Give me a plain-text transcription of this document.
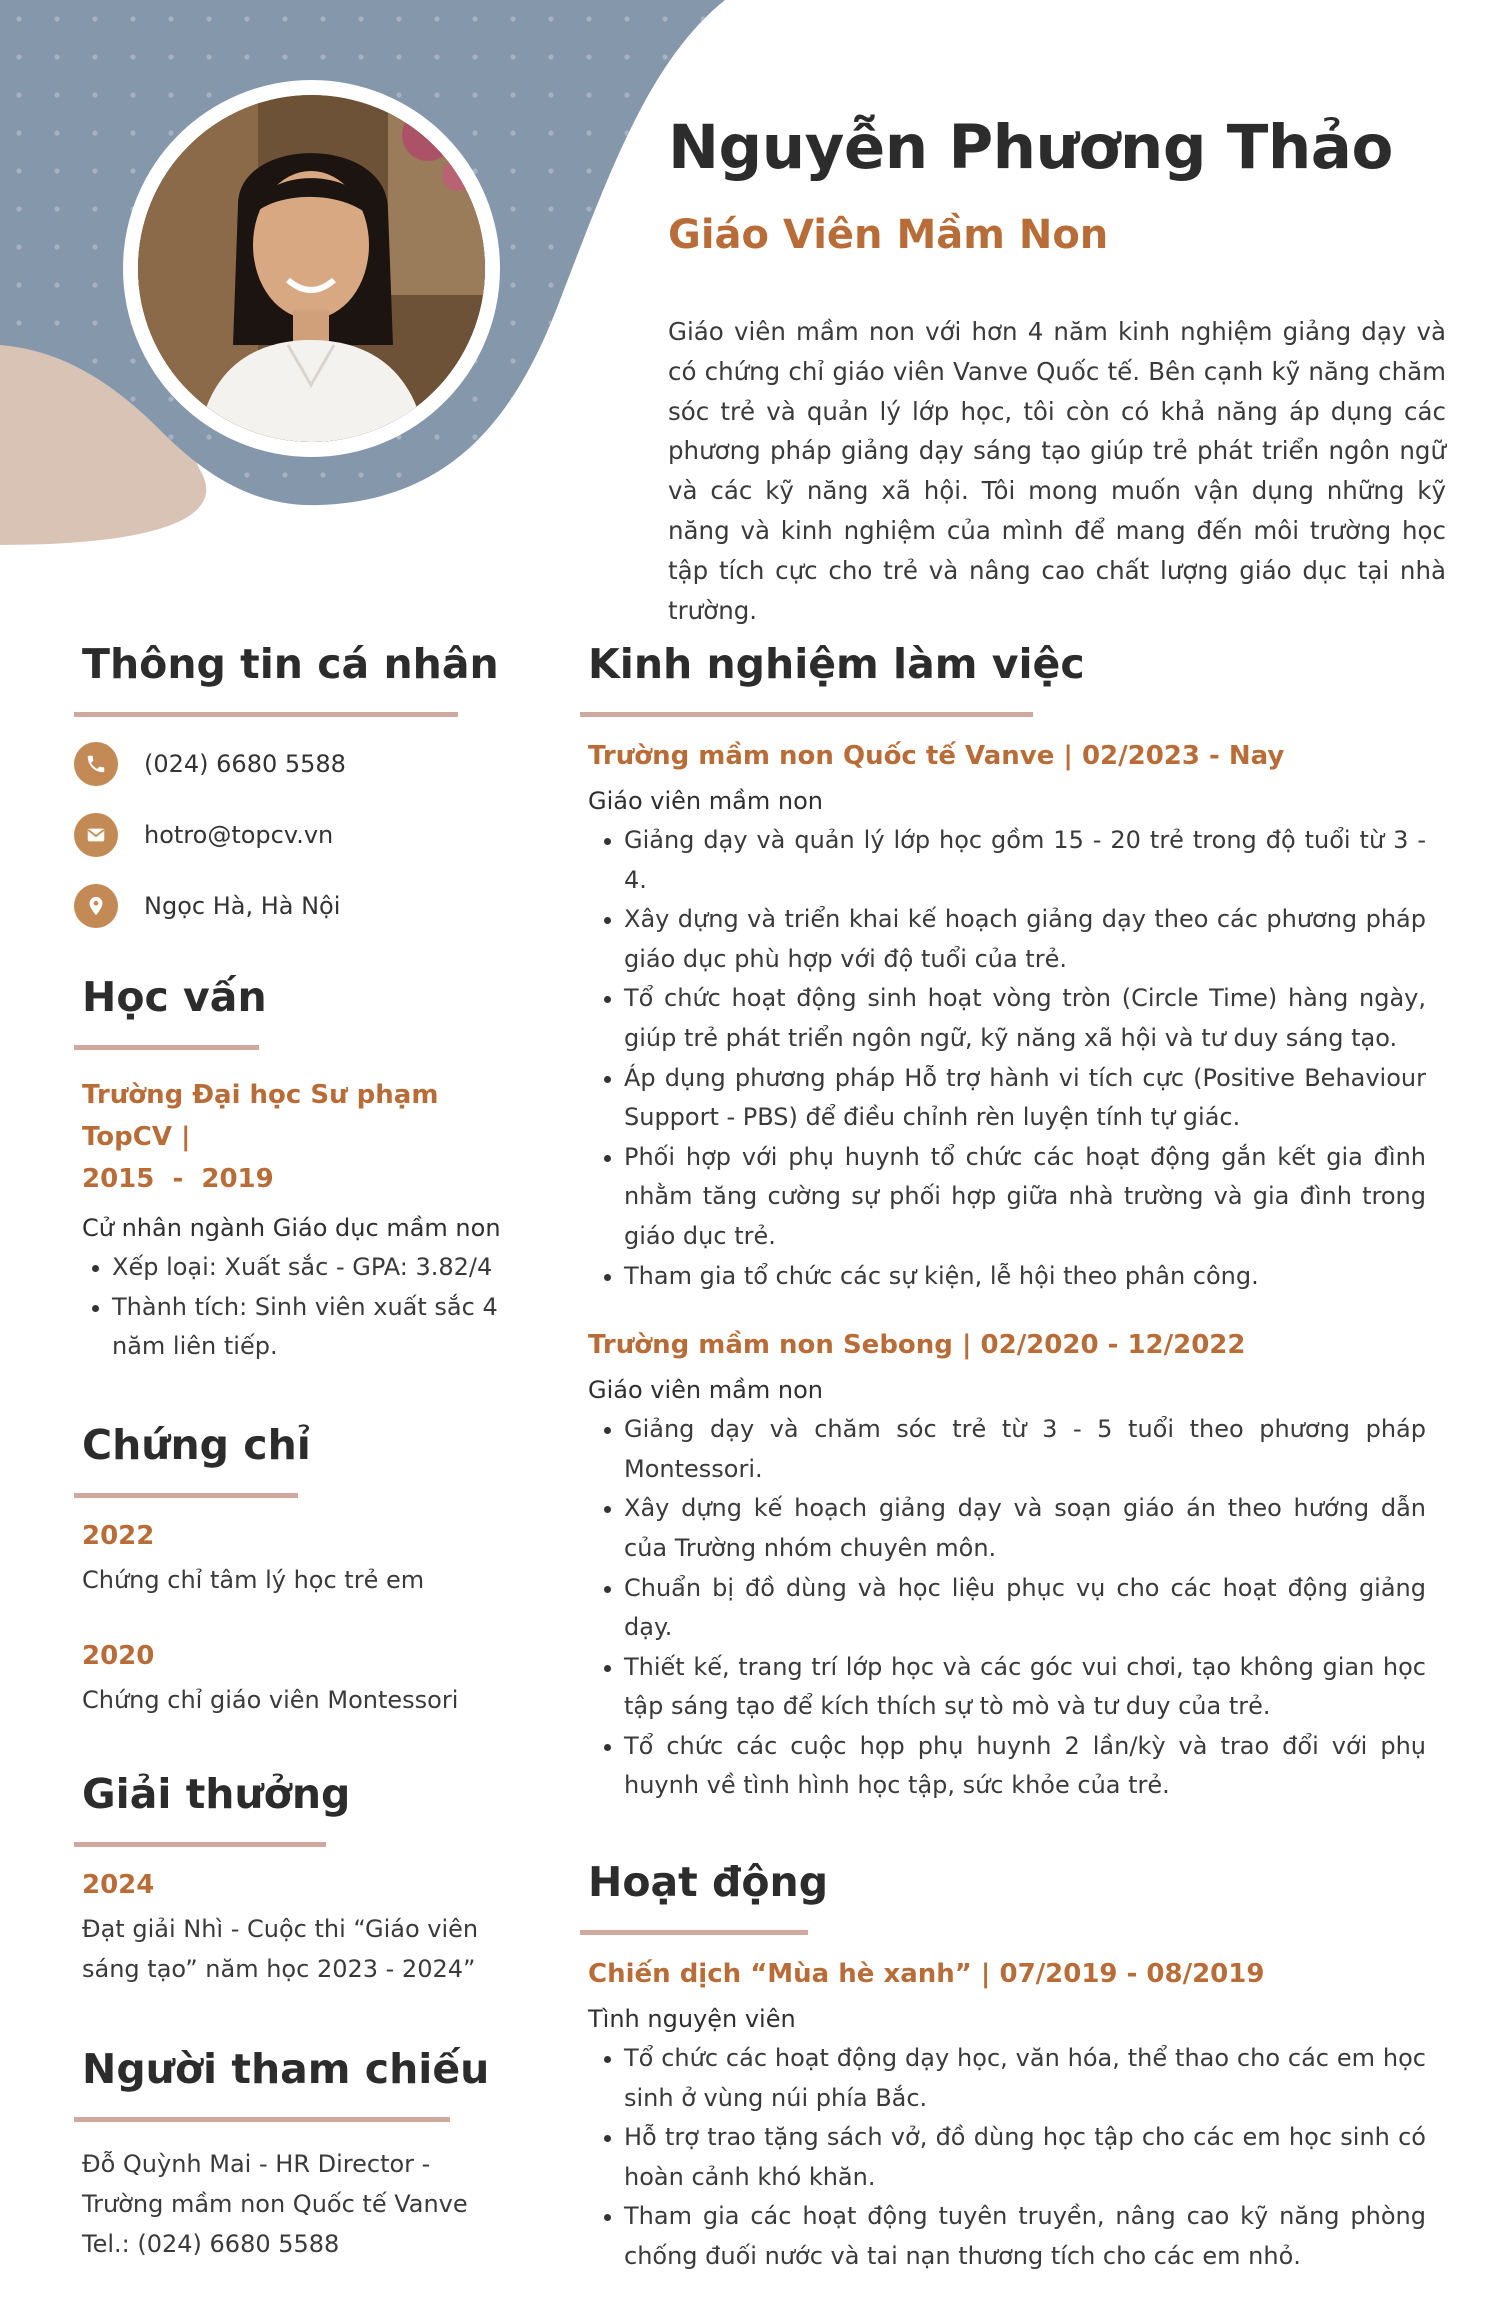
Nguyễn Phương Thảo
Giáo Viên Mầm Non
Giáo viên mầm non với hơn 4 năm kinh nghiệm giảng dạy và có chứng chỉ giáo viên Vanve Quốc tế. Bên cạnh kỹ năng chăm sóc trẻ và quản lý lớp học, tôi còn có khả năng áp dụng các phương pháp giảng dạy sáng tạo giúp trẻ phát triển ngôn ngữ và các kỹ năng xã hội. Tôi mong muốn vận dụng những kỹ năng và kinh nghiệm của mình để mang đến môi trường học tập tích cực cho trẻ và nâng cao chất lượng giáo dục tại nhà trường.
Thông tin cá nhân
(024) 6680 5588
hotro@topcv.vn
Ngọc Hà, Hà Nội
Học vấn
Trường Đại học Sư phạm TopCV |
2015  -  2019
Cử nhân ngành Giáo dục mầm non
Xếp loại: Xuất sắc - GPA: 3.82/4
Thành tích: Sinh viên xuất sắc 4 năm liên tiếp.
Chứng chỉ
2022
Chứng chỉ tâm lý học trẻ em
2020
Chứng chỉ giáo viên Montessori
Giải thưởng
2024
Đạt giải Nhì - Cuộc thi “Giáo viên sáng tạo” năm học 2023 - 2024”
Người tham chiếu
Đỗ Quỳnh Mai - HR Director -
Trường mầm non Quốc tế Vanve
Tel.: (024) 6680 5588
Kinh nghiệm làm việc
Trường mầm non Quốc tế Vanve | 02/2023 - Nay
Giáo viên mầm non
Giảng dạy và quản lý lớp học gồm 15 - 20 trẻ trong độ tuổi từ 3 - 4.
Xây dựng và triển khai kế hoạch giảng dạy theo các phương pháp giáo dục phù hợp với độ tuổi của trẻ.
Tổ chức hoạt động sinh hoạt vòng tròn (Circle Time) hàng ngày, giúp trẻ phát triển ngôn ngữ, kỹ năng xã hội và tư duy sáng tạo.
Áp dụng phương pháp Hỗ trợ hành vi tích cực (Positive Behaviour Support - PBS) để điều chỉnh rèn luyện tính tự giác.
Phối hợp với phụ huynh tổ chức các hoạt động gắn kết gia đình nhằm tăng cường sự phối hợp giữa nhà trường và gia đình trong giáo dục trẻ.
Tham gia tổ chức các sự kiện, lễ hội theo phân công.
Trường mầm non Sebong | 02/2020 - 12/2022
Giáo viên mầm non
Giảng dạy và chăm sóc trẻ từ 3 - 5 tuổi theo phương pháp Montessori.
Xây dựng kế hoạch giảng dạy và soạn giáo án theo hướng dẫn của Trường nhóm chuyên môn.
Chuẩn bị đồ dùng và học liệu phục vụ cho các hoạt động giảng dạy.
Thiết kế, trang trí lớp học và các góc vui chơi, tạo không gian học tập sáng tạo để kích thích sự tò mò và tư duy của trẻ.
Tổ chức các cuộc họp phụ huynh 2 lần/kỳ và trao đổi với phụ huynh về tình hình học tập, sức khỏe của trẻ.
Hoạt động
Chiến dịch “Mùa hè xanh” | 07/2019 - 08/2019
Tình nguyện viên
Tổ chức các hoạt động dạy học, văn hóa, thể thao cho các em học sinh ở vùng núi phía Bắc.
Hỗ trợ trao tặng sách vở, đồ dùng học tập cho các em học sinh có hoàn cảnh khó khăn.
Tham gia các hoạt động tuyên truyền, nâng cao kỹ năng phòng chống đuối nước và tai nạn thương tích cho các em nhỏ.
